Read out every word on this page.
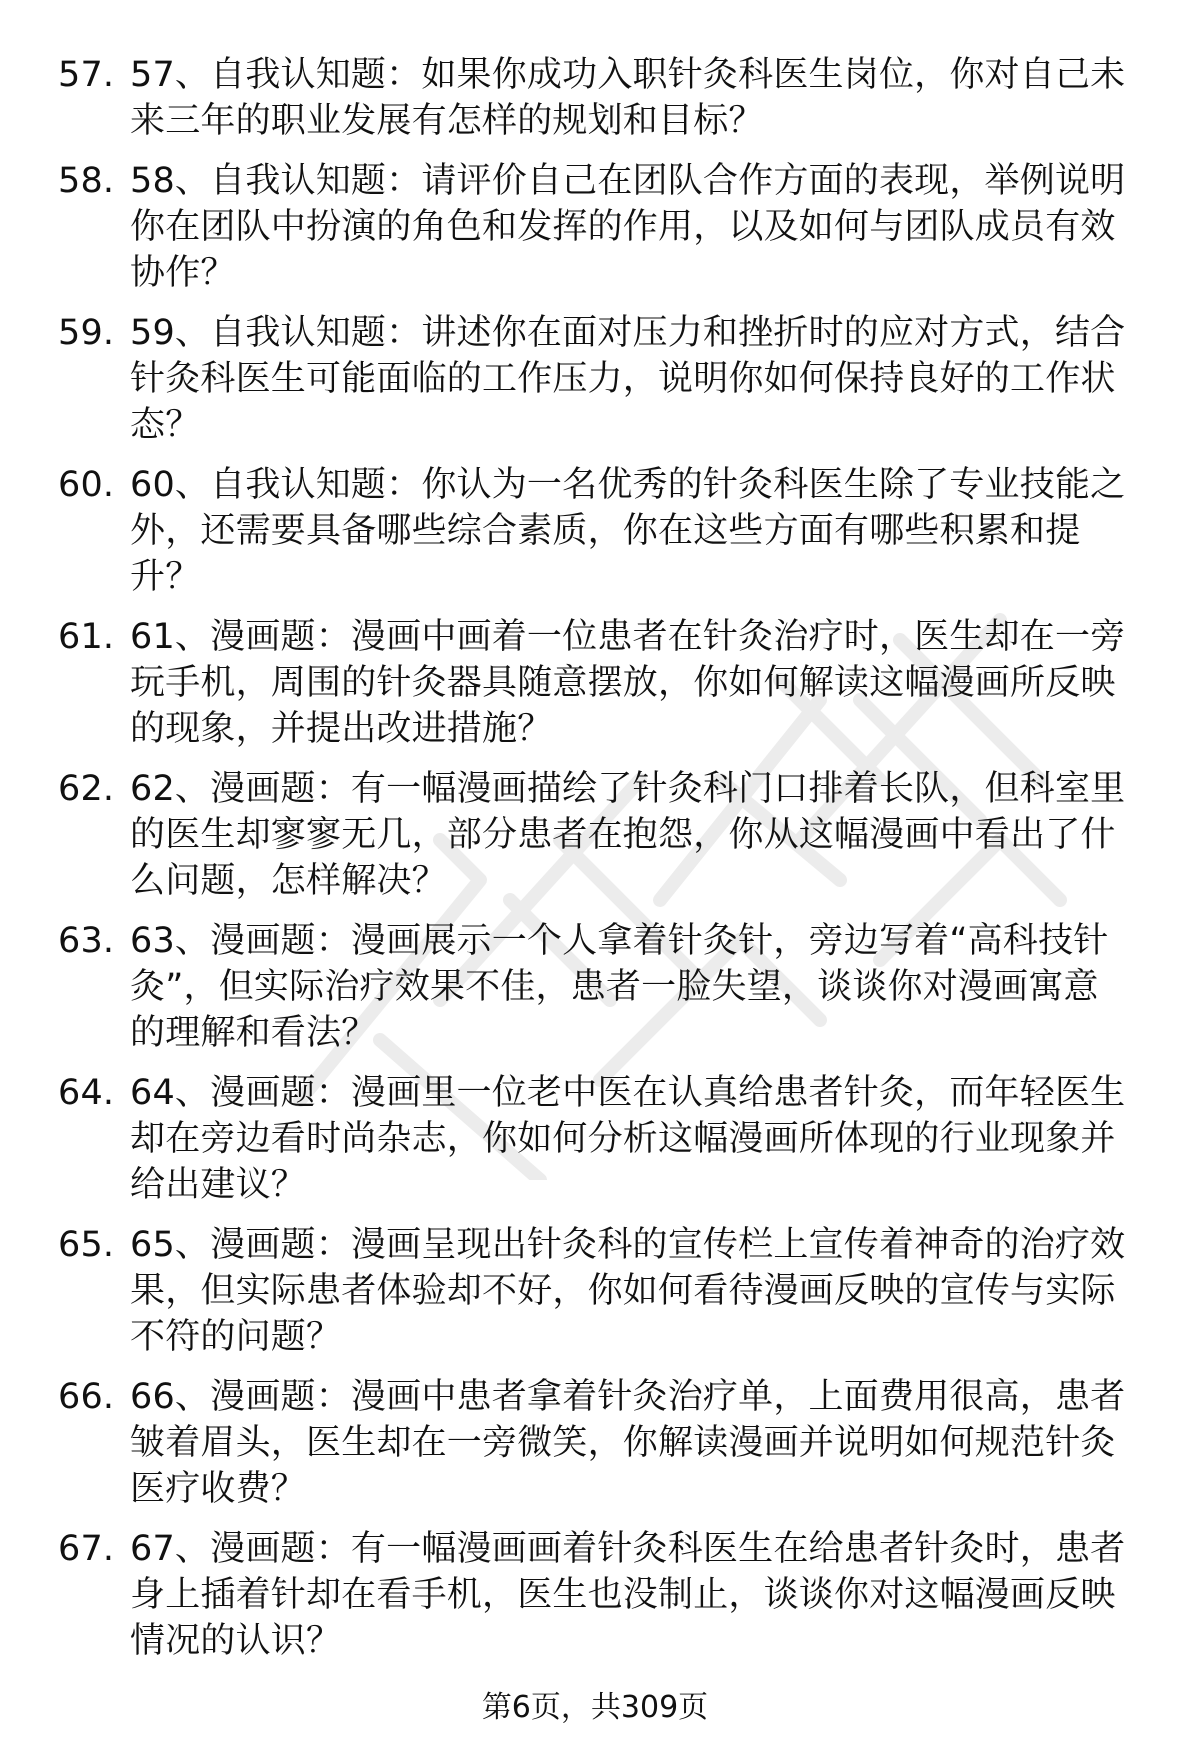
57. 57、自我认知题：如果你成功入职针灸科医生岗位，你对自己未来三年的职业发展有怎样的规划和目标？
58. 58、自我认知题：请评价自己在团队合作方面的表现，举例说明你在团队中扮演的角色和发挥的作用，以及如何与团队成员有效协作？
59. 59、自我认知题：讲述你在面对压力和挫折时的应对方式，结合针灸科医生可能面临的工作压力，说明你如何保持良好的工作状态？
60. 60、自我认知题：你认为一名优秀的针灸科医生除了专业技能之外，还需要具备哪些综合素质，你在这些方面有哪些积累和提升？
61. 61、漫画题：漫画中画着一位患者在针灸治疗时，医生却在一旁玩手机，周围的针灸器具随意摆放，你如何解读这幅漫画所反映的现象，并提出改进措施？
62. 62、漫画题：有一幅漫画描绘了针灸科门口排着长队，但科室里的医生却寥寥无几，部分患者在抱怨，你从这幅漫画中看出了什么问题，怎样解决？
63. 63、漫画题：漫画展示一个人拿着针灸针，旁边写着“高科技针灸”，但实际治疗效果不佳，患者一脸失望，谈谈你对漫画寓意的理解和看法？
64. 64、漫画题：漫画里一位老中医在认真给患者针灸，而年轻医生却在旁边看时尚杂志，你如何分析这幅漫画所体现的行业现象并给出建议？
65. 65、漫画题：漫画呈现出针灸科的宣传栏上宣传着神奇的治疗效果，但实际患者体验却不好，你如何看待漫画反映的宣传与实际不符的问题？
66. 66、漫画题：漫画中患者拿着针灸治疗单，上面费用很高，患者皱着眉头，医生却在一旁微笑，你解读漫画并说明如何规范针灸医疗收费？
67. 67、漫画题：有一幅漫画画着针灸科医生在给患者针灸时，患者身上插着针却在看手机，医生也没制止，谈谈你对这幅漫画反映情况的认识？
第6页，共309页
